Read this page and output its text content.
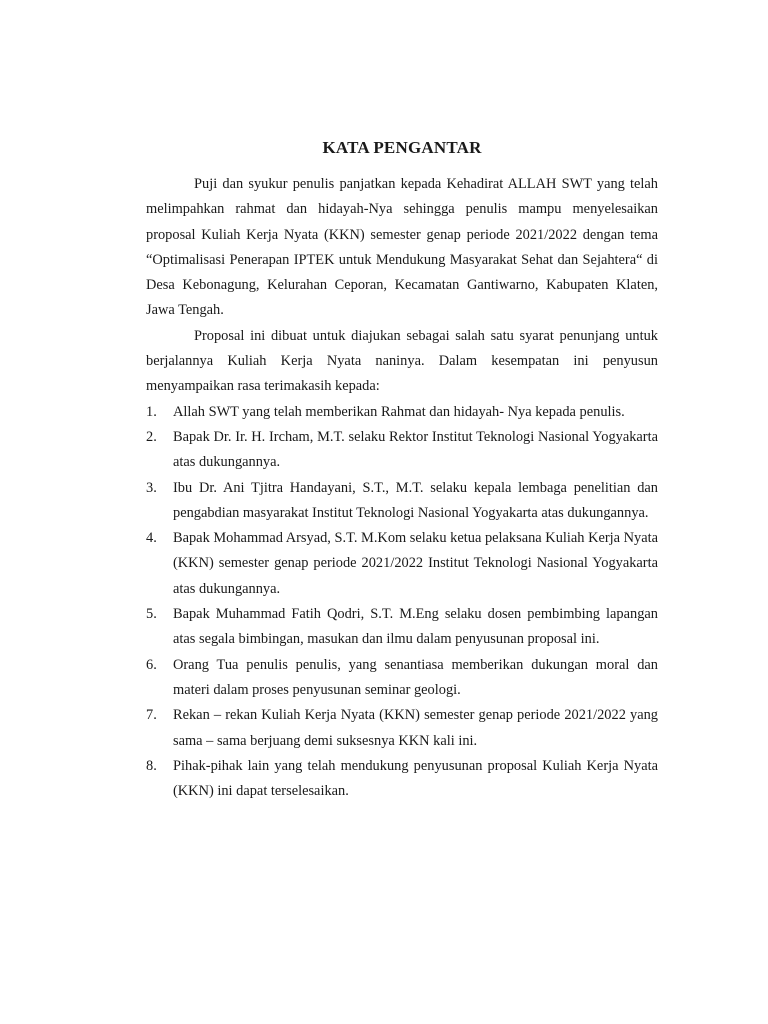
KATA PENGANTAR

Puji dan syukur penulis panjatkan kepada Kehadirat ALLAH SWT yang telah melimpahkan rahmat dan hidayah-Nya sehingga penulis mampu menyelesaikan proposal Kuliah Kerja Nyata (KKN) semester genap periode 2021/2022 dengan tema “Optimalisasi Penerapan IPTEK untuk Mendukung Masyarakat Sehat dan Sejahtera“ di Desa Kebonagung, Kelurahan Ceporan, Kecamatan Gantiwarno, Kabupaten Klaten, Jawa Tengah.

Proposal ini dibuat untuk diajukan sebagai salah satu syarat penunjang untuk berjalannya Kuliah Kerja Nyata naninya. Dalam kesempatan ini penyusun menyampaikan rasa terimakasih kepada:

1. Allah SWT yang telah memberikan Rahmat dan hidayah- Nya kepada penulis.
2. Bapak Dr. Ir. H. Ircham, M.T. selaku Rektor Institut Teknologi Nasional Yogyakarta atas dukungannya.
3. Ibu Dr. Ani Tjitra Handayani, S.T., M.T. selaku kepala lembaga penelitian dan pengabdian masyarakat Institut Teknologi Nasional Yogyakarta atas dukungannya.
4. Bapak Mohammad Arsyad, S.T. M.Kom selaku ketua pelaksana Kuliah Kerja Nyata (KKN) semester genap periode 2021/2022 Institut Teknologi Nasional Yogyakarta atas dukungannya.
5. Bapak Muhammad Fatih Qodri, S.T. M.Eng selaku dosen pembimbing lapangan atas segala bimbingan, masukan dan ilmu dalam penyusunan proposal ini.
6. Orang Tua penulis penulis, yang senantiasa memberikan dukungan moral dan materi dalam proses penyusunan seminar geologi.
7. Rekan – rekan Kuliah Kerja Nyata (KKN) semester genap periode 2021/2022 yang sama – sama berjuang demi suksesnya KKN kali ini.
8. Pihak-pihak lain yang telah mendukung penyusunan proposal Kuliah Kerja Nyata (KKN) ini dapat terselesaikan.
